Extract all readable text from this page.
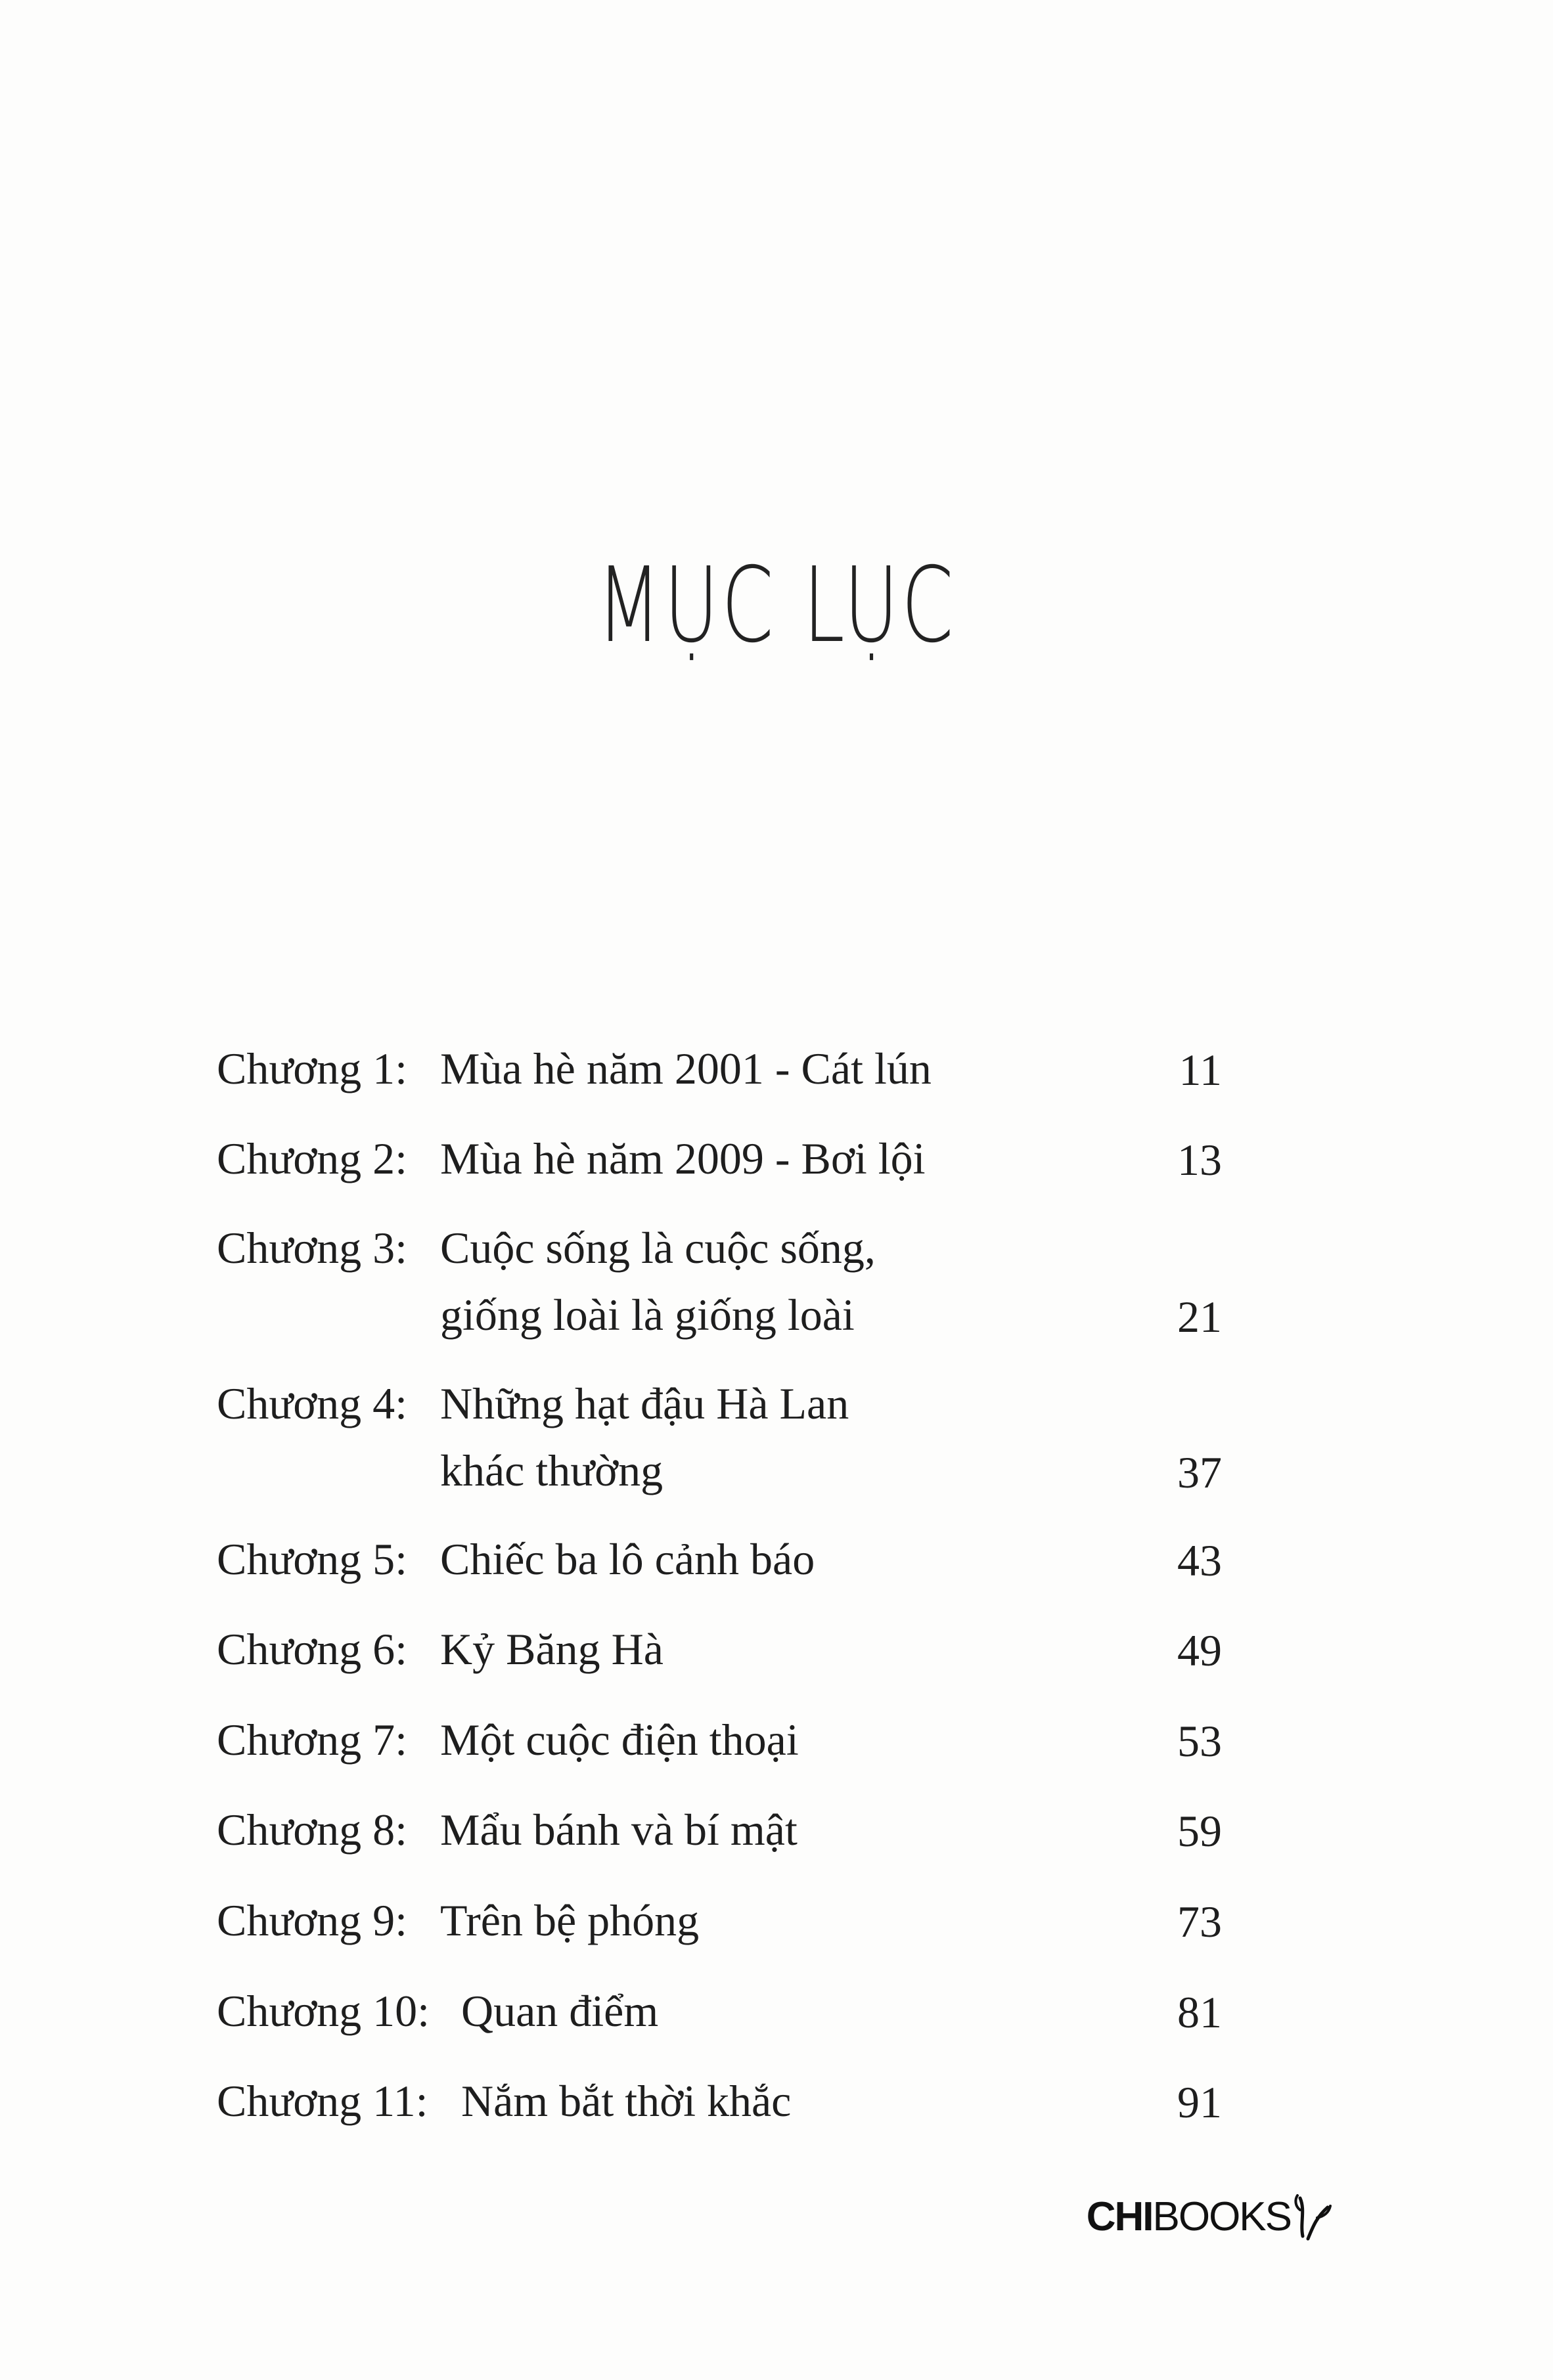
MỤC LỤC
Chương 1: Mùa hè năm 2001 - Cát lún	11
Chương 2: Mùa hè năm 2009 - Bơi lội	13
Chương 3: Cuộc sống là cuộc sống,
giống loài là giống loài	21
Chương 4: Những hạt đậu Hà Lan
khác thường	37
Chương 5: Chiếc ba lô cảnh báo	43
Chương 6: Kỷ Băng Hà	49
Chương 7: Một cuộc điện thoại	53
Chương 8: Mẩu bánh và bí mật	59
Chương 9: Trên bệ phóng	73
Chương 10: Quan điểm	81
Chương 11: Nắm bắt thời khắc	91
CHI BOOKS
